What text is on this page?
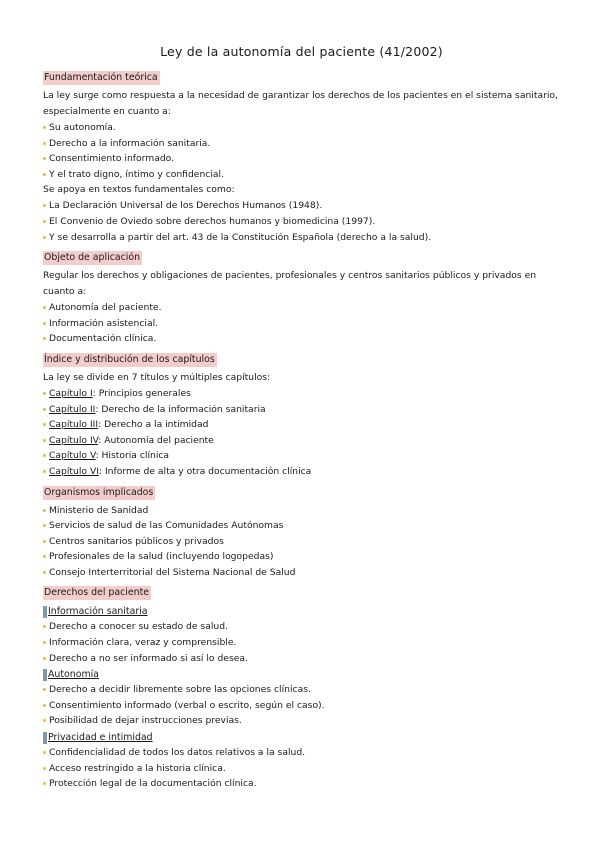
Ley de la autonomía del paciente (41/2002)
Fundamentación teórica

La ley surge como respuesta a la necesidad de garantizar los derechos de los pacientes en el sistema sanitario, especialmente en cuanto a:

Su autonomía.
Derecho a la información sanitaria.
Consentimiento informado.
Y el trato digno, íntimo y confidencial.

Se apoya en textos fundamentales como:

La Declaración Universal de los Derechos Humanos (1948).
El Convenio de Oviedo sobre derechos humanos y biomedicina (1997).
Y se desarrolla a partir del art. 43 de la Constitución Española (derecho a la salud).
Objeto de aplicación

Regular los derechos y obligaciones de pacientes, profesionales y centros sanitarios públicos y privados en cuanto a:

Autonomía del paciente.
Información asistencial.
Documentación clínica.
Índice y distribución de los capítulos

La ley se divide en 7 títulos y múltiples capítulos:

Capítulo I: Principios generales
Capítulo II: Derecho de la información sanitaria
Capítulo III: Derecho a la intimidad
Capítulo IV: Autonomía del paciente
Capítulo V: Historia clínica
Capítulo VI: Informe de alta y otra documentación clínica
Organismos implicados
Ministerio de Sanidad
Servicios de salud de las Comunidades Autónomas
Centros sanitarios públicos y privados
Profesionales de la salud (incluyendo logopedas)
Consejo Interterritorial del Sistema Nacional de Salud
Derechos del paciente
Información sanitaria
Derecho a conocer su estado de salud.
Información clara, veraz y comprensible.
Derecho a no ser informado si así lo desea.
Autonomía
Derecho a decidir libremente sobre las opciones clínicas.
Consentimiento informado (verbal o escrito, según el caso).
Posibilidad de dejar instrucciones previas.
Privacidad e intimidad
Confidencialidad de todos los datos relativos a la salud.
Acceso restringido a la historia clínica.
Protección legal de la documentación clínica.
